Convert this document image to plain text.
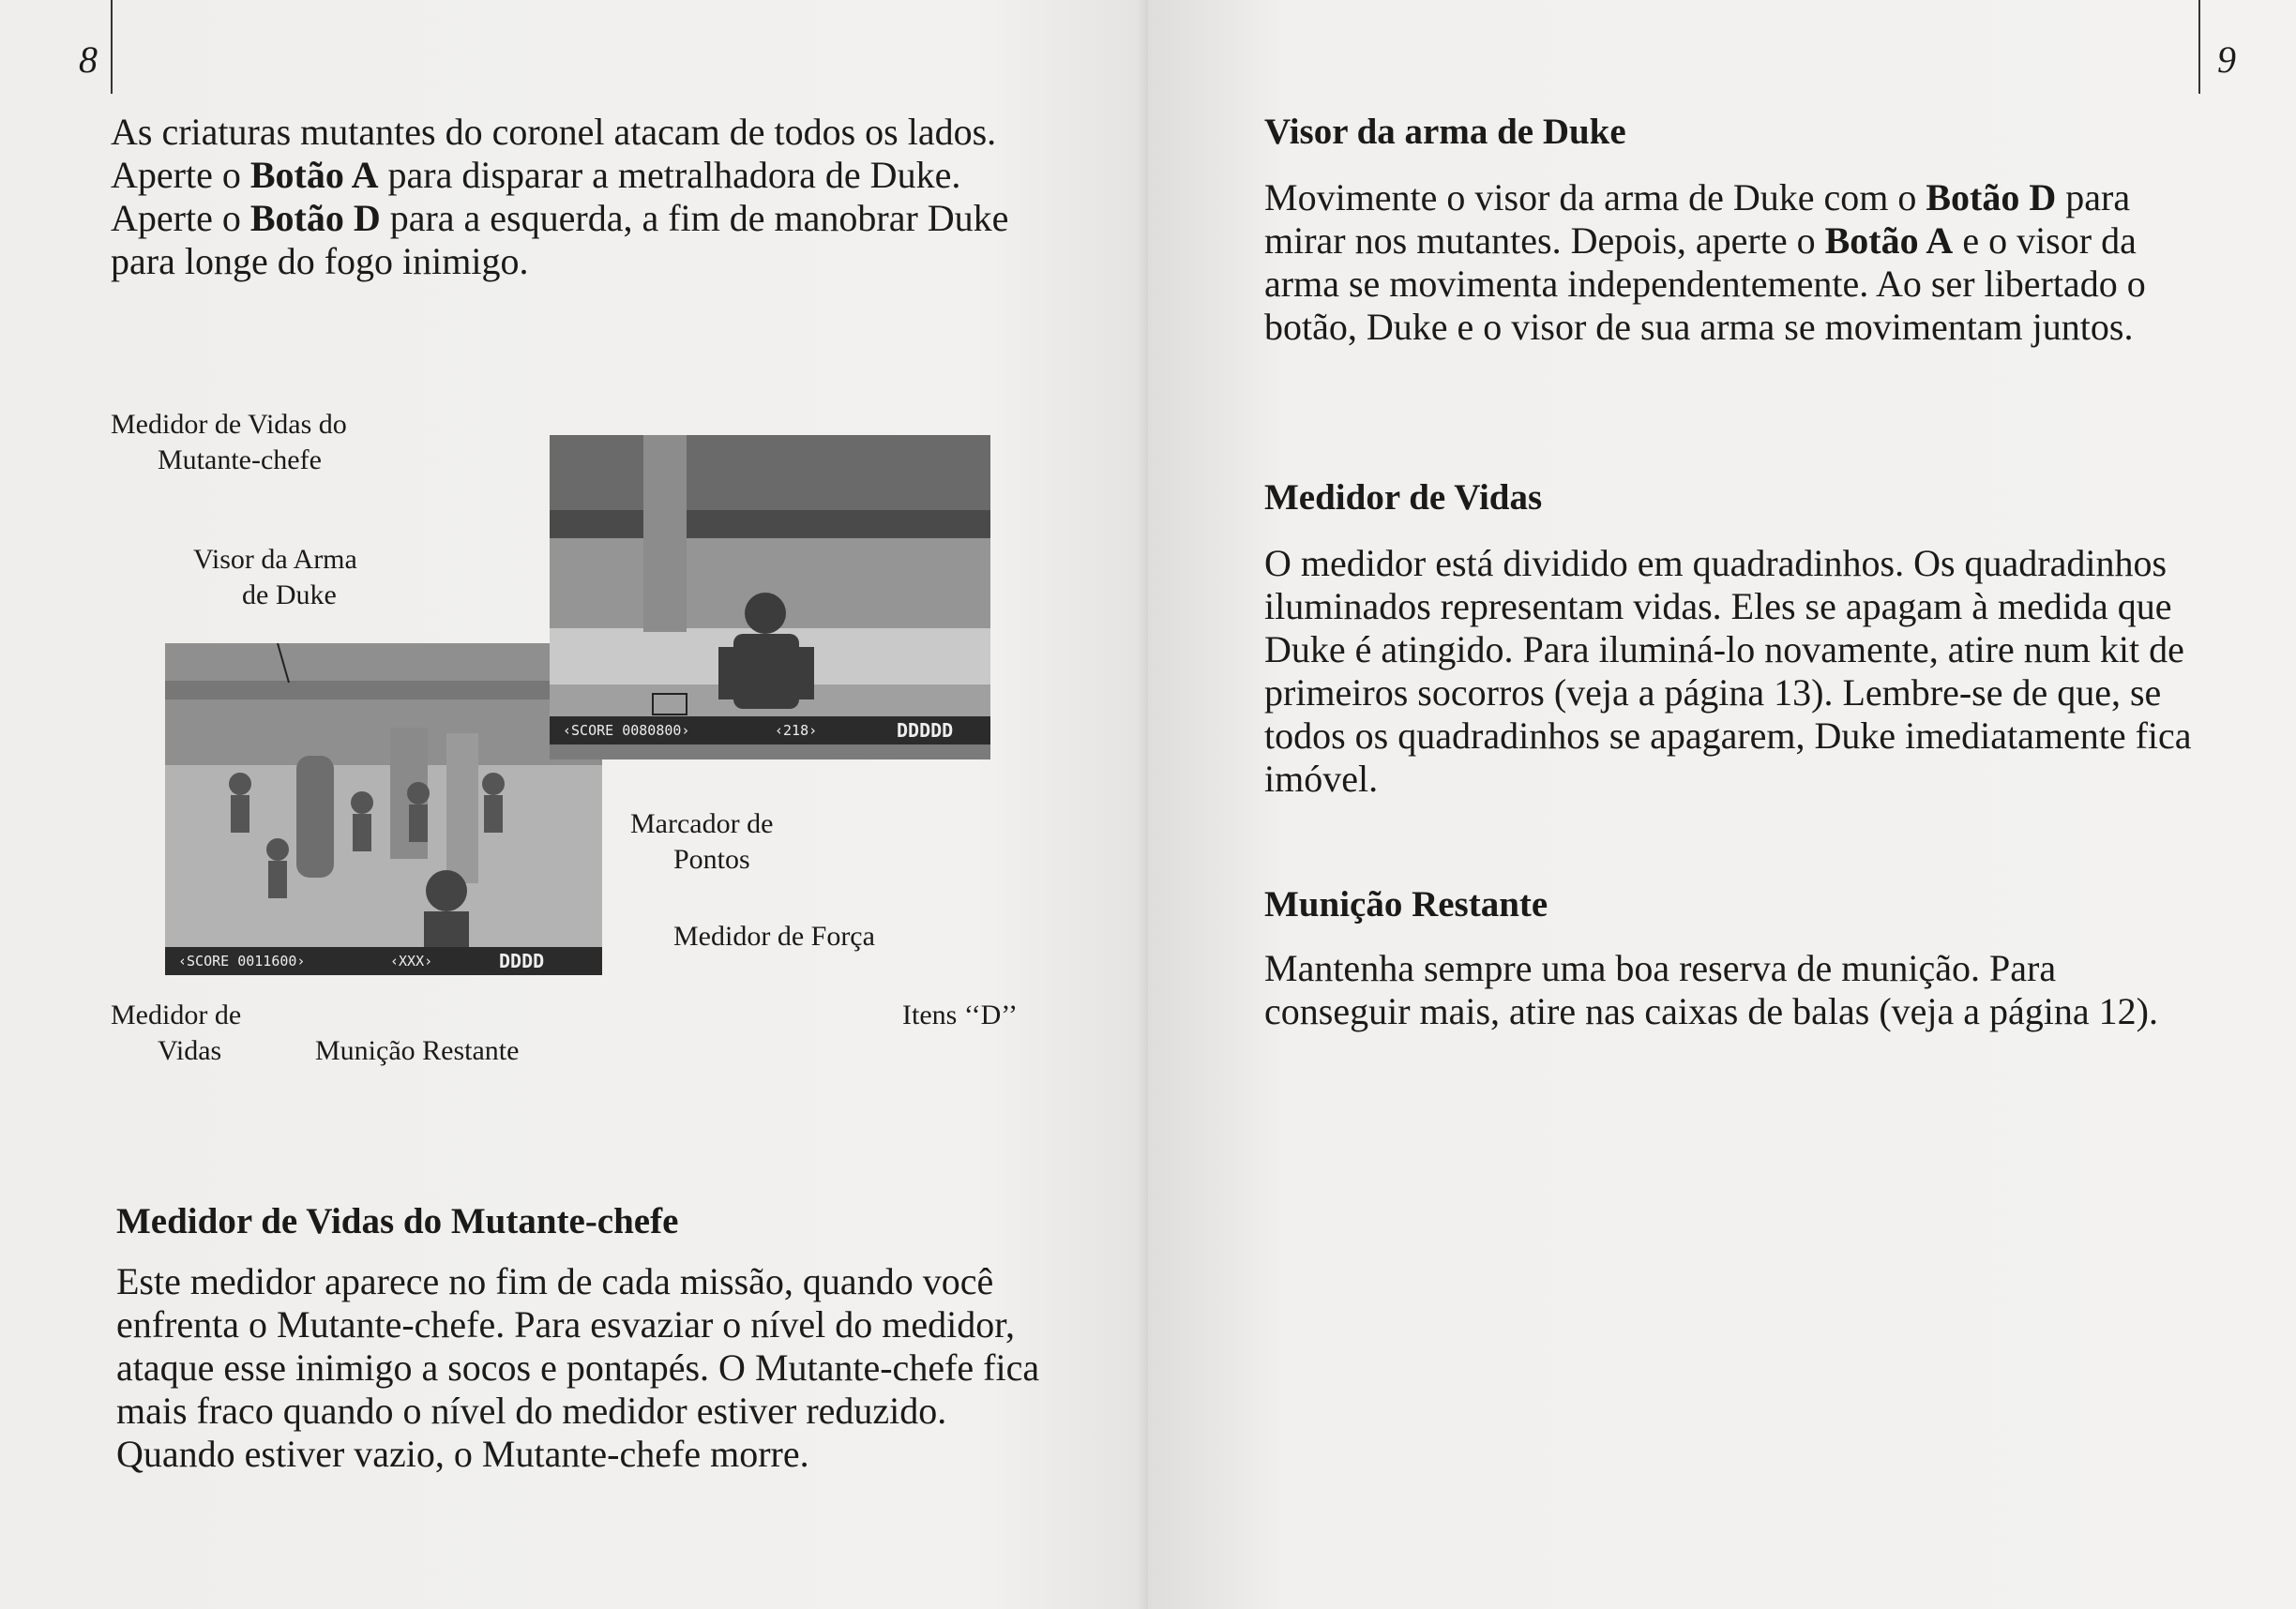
8

As criaturas mutantes do coronel atacam de todos os lados. Aperte o Botão A para disparar a metralhadora de Duke. Aperte o Botão D para a esquerda, a fim de manobrar Duke para longe do fogo inimigo.

Medidor de Vidas do
Mutante-chefe
Visor da Arma
de Duke
Marcador de
Pontos
Medidor de Força
Itens ‘‘D’’
Medidor de
Vidas	Munição Restante
‹SCORE 0011600›	‹XXX›	DDDD
‹SCORE 0080800›	‹218›	DDDDD
Medidor de Vidas do Mutante-chefe

Este medidor aparece no fim de cada missão, quando você enfrenta o Mutante-chefe. Para esvaziar o nível do medidor, ataque esse inimigo a socos e pontapés. O Mutante-chefe fica mais fraco quando o nível do medidor estiver reduzido. Quando estiver vazio, o Mutante-chefe morre.

9
Visor da arma de Duke

Movimente o visor da arma de Duke com o Botão D para mirar nos mutantes. Depois, aperte o Botão A e o visor da arma se movimenta independentemente. Ao ser libertado o botão, Duke e o visor de sua arma se movimentam juntos.

Medidor de Vidas

O medidor está dividido em quadradinhos. Os quadradinhos iluminados representam vidas. Eles se apagam à medida que Duke é atingido. Para iluminá-lo novamente, atire num kit de primeiros socorros (veja a página 13). Lembre-se de que, se todos os quadradinhos se apagarem, Duke imediatamente fica imóvel.

Munição Restante

Mantenha sempre uma boa reserva de munição. Para conseguir mais, atire nas caixas de balas (veja a página 12).
